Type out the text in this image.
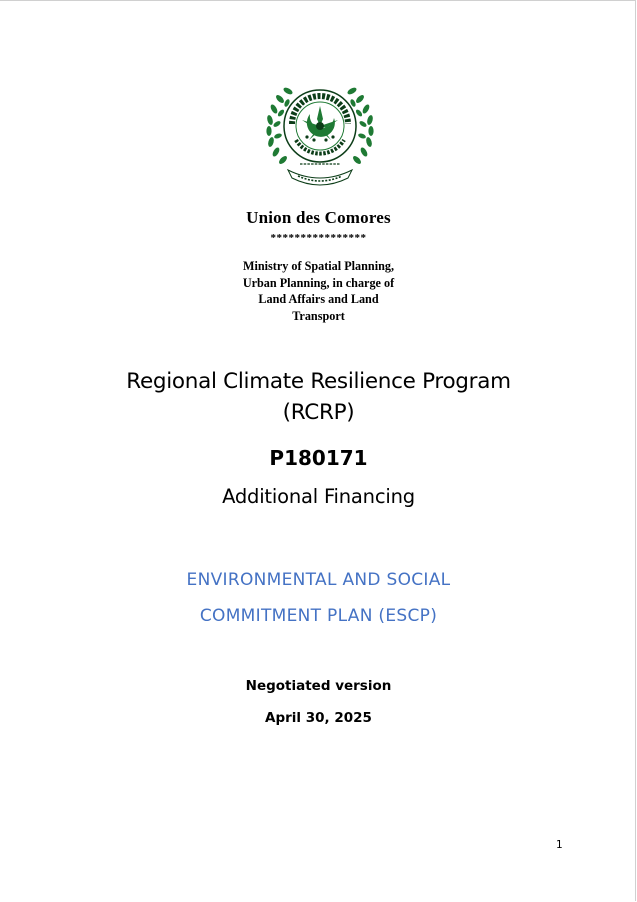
Union des Comores
****************
Ministry of Spatial Planning,
Urban Planning, in charge of
Land Affairs and Land
Transport
Regional Climate Resilience Program
(RCRP)
P180171
Additional Financing
ENVIRONMENTAL AND SOCIAL
COMMITMENT PLAN (ESCP)
Negotiated version
April 30, 2025
1
